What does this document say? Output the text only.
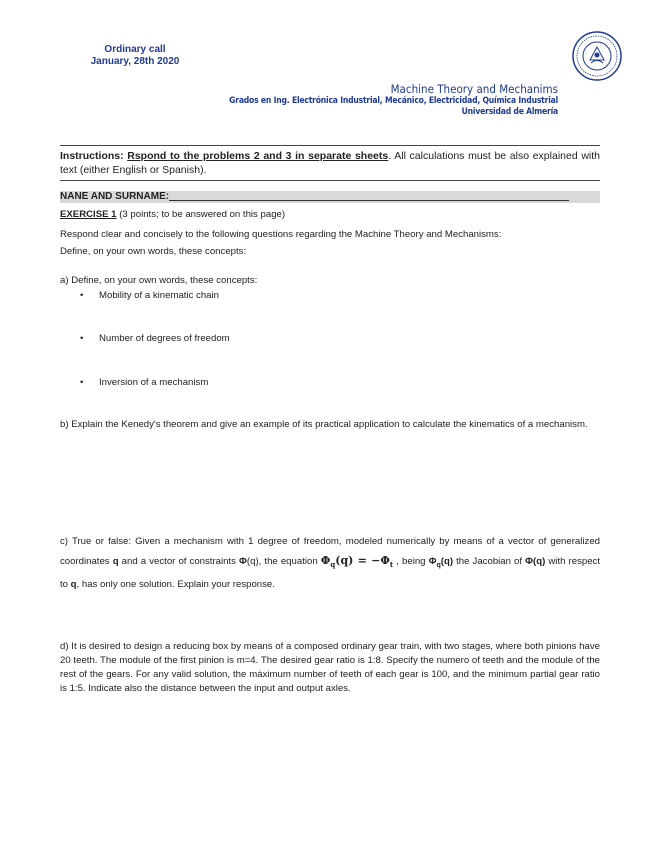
Ordinary call
January, 28th 2020
Machine Theory and Mechanims
Grados en Ing. Electrónica Industrial, Mecánico, Electricidad, Química Industrial
Universidad de Almería
Instructions: Rspond to the problems 2 and 3 in separate sheets. All calculations must be also explained with text (either English or Spanish).
NANE AND SURNAME:
EXERCISE 1 (3 points; to be answered on this page)
Respond clear and concisely to the following questions regarding the Machine Theory and Mechanisms:
Define, on your own words, these concepts:
a) Define, on your own words, these concepts:
• Mobility of a kinematic chain
• Number of degrees of freedom
• Inversion of a mechanism
b) Explain the Kenedy's theorem and give an example of its practical application to calculate the kinematics of a mechanism.
c) True or false: Given a mechanism with 1 degree of freedom, modeled numerically by means of a vector of generalized coordinates q and a vector of constraints Φ(q), the equation $\Phi_q(q) = -\Phi_t$ , being $\Phi_q(q)$ the Jacobian of Φ(q) with respect to q, has only one solution. Explain your response.
d) It is desired to design a reducing box by means of a composed ordinary gear train, with two stages, where both pinions have 20 teeth. The module of the first pinion is m=4. The desired gear ratio is 1:8. Specify the numero of teeth and the module of the rest of the gears. For any valid solution, the máximum number of teeth of each gear is 100, and the minimum partial gear ratio is 1:5. Indicate also the distance between the input and output axles.
